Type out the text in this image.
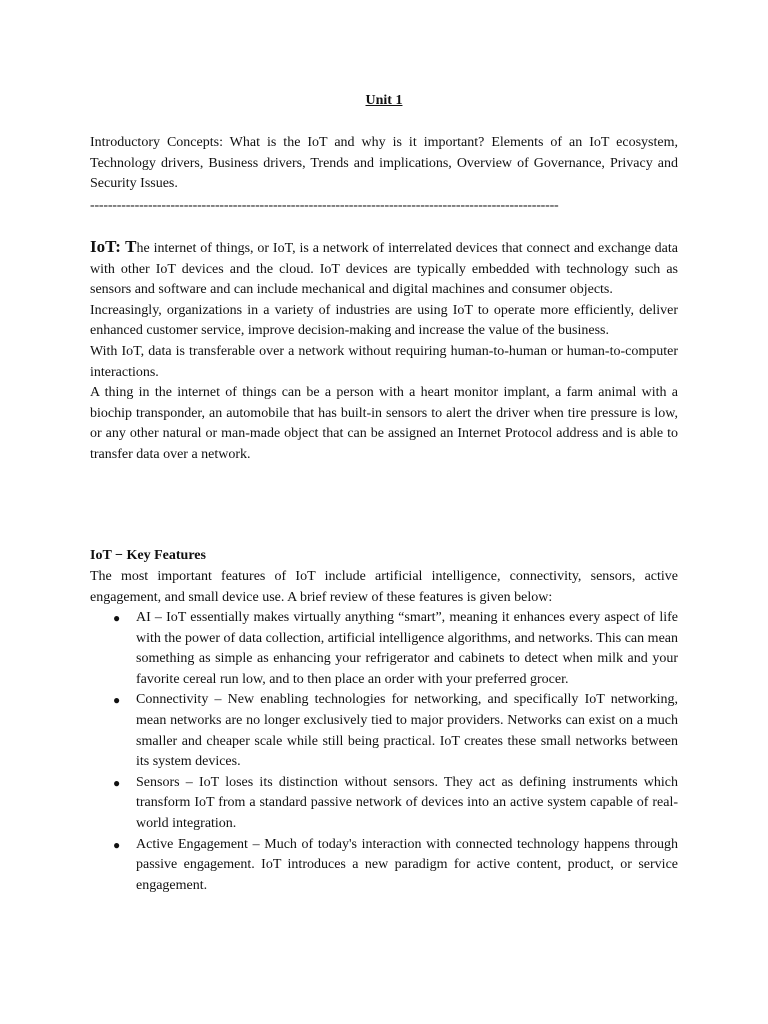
Unit 1
Introductory Concepts: What is the IoT and why is it important? Elements of an IoT ecosystem, Technology drivers, Business drivers, Trends and implications, Overview of Governance, Privacy and Security Issues.
---------------------------------------------------------------------------------------------------------

IoT: The internet of things, or IoT, is a network of interrelated devices that connect and exchange data with other IoT devices and the cloud. IoT devices are typically embedded with technology such as sensors and software and can include mechanical and digital machines and consumer objects.

Increasingly, organizations in a variety of industries are using IoT to operate more efficiently, deliver enhanced customer service, improve decision-making and increase the value of the business.

With IoT, data is transferable over a network without requiring human-to-human or human-to-computer interactions.

A thing in the internet of things can be a person with a heart monitor implant, a farm animal with a biochip transponder, an automobile that has built-in sensors to alert the driver when tire pressure is low, or any other natural or man-made object that can be assigned an Internet Protocol address and is able to transfer data over a network.

IoT − Key Features
The most important features of IoT include artificial intelligence, connectivity, sensors, active engagement, and small device use. A brief review of these features is given below:
● AI – IoT essentially makes virtually anything “smart”, meaning it enhances every aspect of life with the power of data collection, artificial intelligence algorithms, and networks. This can mean something as simple as enhancing your refrigerator and cabinets to detect when milk and your favorite cereal run low, and to then place an order with your preferred grocer.
● Connectivity – New enabling technologies for networking, and specifically IoT networking, mean networks are no longer exclusively tied to major providers. Networks can exist on a much smaller and cheaper scale while still being practical. IoT creates these small networks between its system devices.
● Sensors – IoT loses its distinction without sensors. They act as defining instruments which transform IoT from a standard passive network of devices into an active system capable of real-world integration.
● Active Engagement – Much of today's interaction with connected technology happens through passive engagement. IoT introduces a new paradigm for active content, product, or service engagement.
